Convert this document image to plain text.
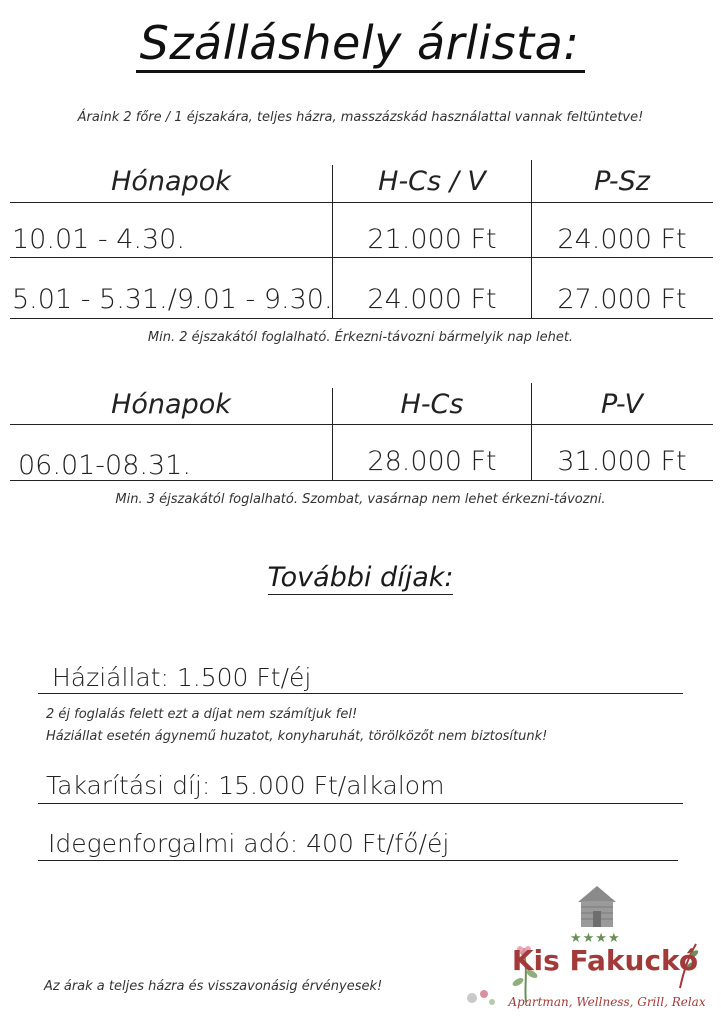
Szálláshely árlista:
Áraink 2 főre / 1 éjszakára, teljes házra, masszázskád használattal vannak feltüntetve!
Hónapok	H-Cs / V	P-Sz
10.01 - 4.30.	21.000 Ft	24.000 Ft
5.01 - 5.31./9.01 - 9.30.	24.000 Ft	27.000 Ft
Min. 2 éjszakától foglalható. Érkezni-távozni bármelyik nap lehet.
Hónapok	H-Cs	P-V
06.01-08.31.	28.000 Ft	31.000 Ft
Min. 3 éjszakától foglalható. Szombat, vasárnap nem lehet érkezni-távozni.
További díjak:
Háziállat: 1.500 Ft/éj
2 éj foglalás felett ezt a díjat nem számítjuk fel!
Háziállat esetén ágynemű huzatot, konyharuhát, törölközőt nem biztosítunk!
Takarítási díj: 15.000 Ft/alkalom
Idegenforgalmi adó: 400 Ft/fő/éj
Az árak a teljes házra és visszavonásig érvényesek!
★★★★
Kis Fakuckó
Apartman, Wellness, Grill, Relax
